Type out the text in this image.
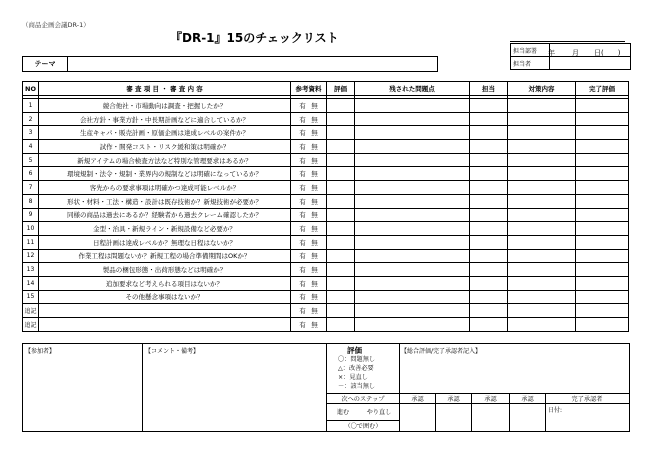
（商品企画会議DR-1）
『DR-1』15のチェックリスト
年 月 日(　　)
担当部署	
担当者	
テーマ
NO	審 査 項 目 ・ 審 査 内 容	参考資料	評価	残された問題点	担当	対策内容	完了評価

1	競合他社・市場動向は調査・把握したか？	有 無					
2	会社方針・事業方針・中長期計画などに適合しているか？	有 無					
3	生産キャパ・販売計画・原価企画は達成レベルの案件か？	有 無					
4	試作・開発コスト・リスク緩和策は明確か？	有 無					
5	新規アイテムの場合検査方法など特別な管理要求はあるか？	有 無					
6	環境規制・法令・規制・業界内の規制などは明確になっているか？	有 無					
7	客先からの要求事項は明確かつ達成可能レベルか？	有 無					
8	形状・材料・工法・構造・設計は既存技術か？新規技術が必要か？	有 無					
9	同様の商品は過去にあるか？経験者から過去クレーム確認したか？	有 無					
10	金型・治具・新規ライン・新規設備など必要か？	有 無					
11	日程計画は達成レベルか？無理な日程はないか？	有 無					
12	作業工程は問題ないか？新規工程の場合準備期間はOKか？	有 無					
13	製品の梱包形態・出荷形態などは明確か？	有 無					
14	追加要求など考えられる項目はないか？	有 無					
15	その他懸念事項はないか？	有 無					
追記		有 無					
追記		有 無					
【参加者】	【コメント・備考】	評価
〇：問題無し
△：改善必要
×：見直し
－：該当無し
【総合評価/完了承認者記入】
次へのステップ
進む	やり直し
（〇で囲む）
承認	承認	承認	承認	完了承認者
日付:
